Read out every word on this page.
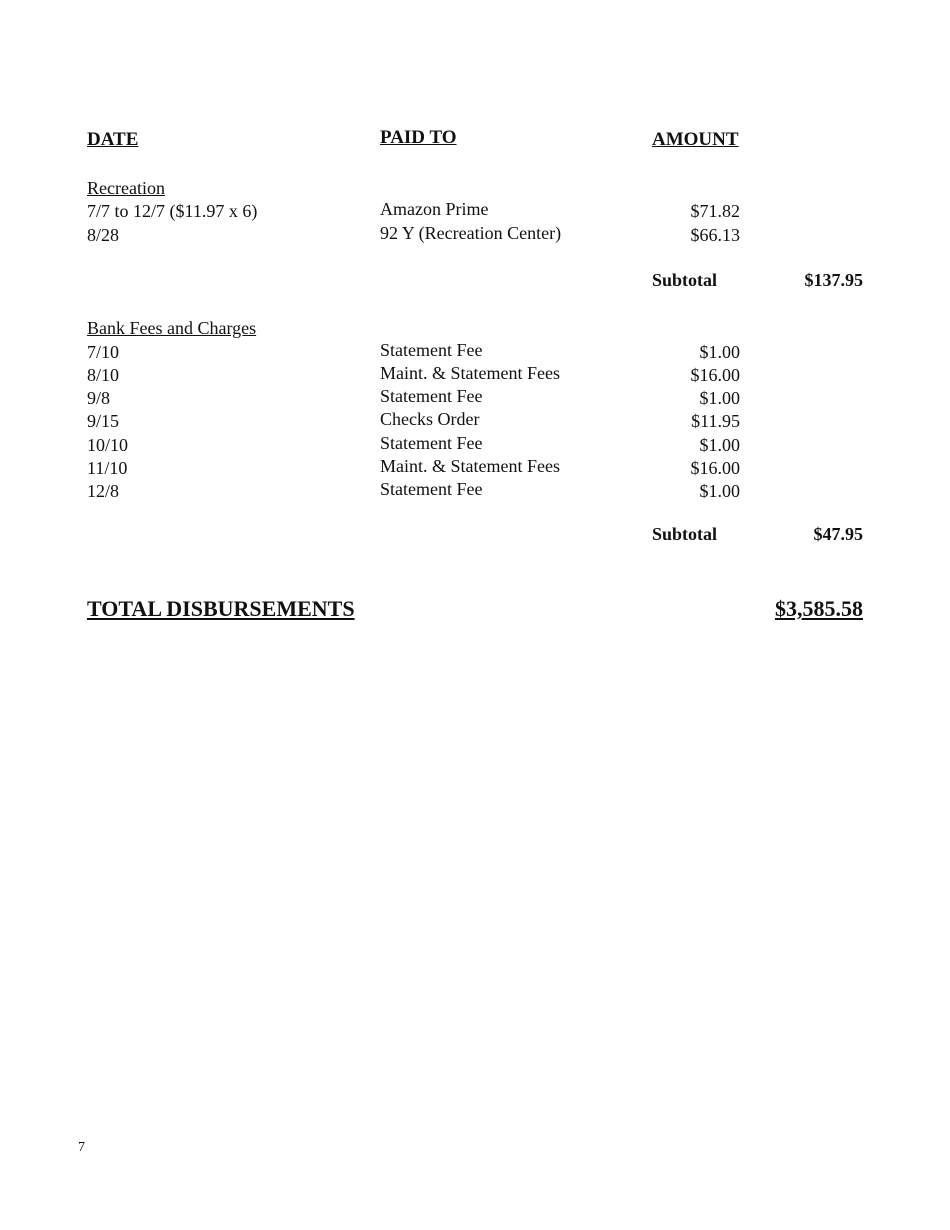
DATE	PAID TO	AMOUNT
Recreation
7/7 to 12/7 ($11.97 x 6)	Amazon Prime	$71.82
8/28	92 Y (Recreation Center)	$66.13
Subtotal	$137.95
Bank Fees and Charges
7/10	Statement Fee	$1.00
8/10	Maint. & Statement Fees	$16.00
9/8	Statement Fee	$1.00
9/15	Checks Order	$11.95
10/10	Statement Fee	$1.00
11/10	Maint. & Statement Fees	$16.00
12/8	Statement Fee	$1.00
Subtotal	$47.95
TOTAL DISBURSEMENTS	$3,585.58
7
